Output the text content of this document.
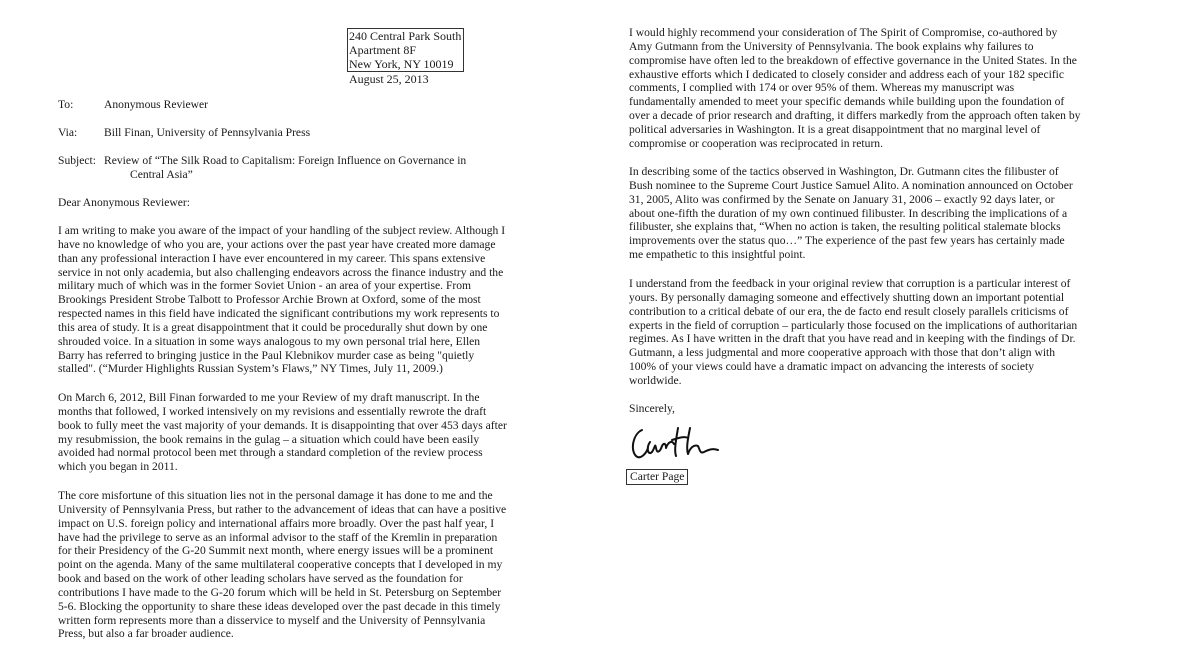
240 Central Park South
Apartment 8F
New York, NY 10019
August 25, 2013
To:	Anonymous Reviewer
Via: Bill Finan, University of Pennsylvania Press
Subject: Review of “The Silk Road to Capitalism: Foreign Influence on Governance in
Central Asia”
Dear Anonymous Reviewer:
I am writing to make you aware of the impact of your handling of the subject review. Although I
have no knowledge of who you are, your actions over the past year have created more damage
than any professional interaction I have ever encountered in my career. This spans extensive
service in not only academia, but also challenging endeavors across the finance industry and the
military much of which was in the former Soviet Union - an area of your expertise. From
Brookings President Strobe Talbott to Professor Archie Brown at Oxford, some of the most
respected names in this field have indicated the significant contributions my work represents to
this area of study. It is a great disappointment that it could be procedurally shut down by one
shrouded voice. In a situation in some ways analogous to my own personal trial here, Ellen
Barry has referred to bringing justice in the Paul Klebnikov murder case as being "quietly
stalled". (“Murder Highlights Russian System’s Flaws,” NY Times, July 11, 2009.)
On March 6, 2012, Bill Finan forwarded to me your Review of my draft manuscript. In the
months that followed, I worked intensively on my revisions and essentially rewrote the draft
book to fully meet the vast majority of your demands. It is disappointing that over 453 days after
my resubmission, the book remains in the gulag – a situation which could have been easily
avoided had normal protocol been met through a standard completion of the review process
which you began in 2011.
The core misfortune of this situation lies not in the personal damage it has done to me and the
University of Pennsylvania Press, but rather to the advancement of ideas that can have a positive
impact on U.S. foreign policy and international affairs more broadly. Over the past half year, I
have had the privilege to serve as an informal advisor to the staff of the Kremlin in preparation
for their Presidency of the G-20 Summit next month, where energy issues will be a prominent
point on the agenda. Many of the same multilateral cooperative concepts that I developed in my
book and based on the work of other leading scholars have served as the foundation for
contributions I have made to the G-20 forum which will be held in St. Petersburg on September
5-6. Blocking the opportunity to share these ideas developed over the past decade in this timely
written form represents more than a disservice to myself and the University of Pennsylvania
Press, but also a far broader audience.
I would highly recommend your consideration of The Spirit of Compromise, co-authored by
Amy Gutmann from the University of Pennsylvania. The book explains why failures to
compromise have often led to the breakdown of effective governance in the United States. In the
exhaustive efforts which I dedicated to closely consider and address each of your 182 specific
comments, I complied with 174 or over 95% of them. Whereas my manuscript was
fundamentally amended to meet your specific demands while building upon the foundation of
over a decade of prior research and drafting, it differs markedly from the approach often taken by
political adversaries in Washington. It is a great disappointment that no marginal level of
compromise or cooperation was reciprocated in return.
In describing some of the tactics observed in Washington, Dr. Gutmann cites the filibuster of
Bush nominee to the Supreme Court Justice Samuel Alito. A nomination announced on October
31, 2005, Alito was confirmed by the Senate on January 31, 2006 – exactly 92 days later, or
about one-fifth the duration of my own continued filibuster. In describing the implications of a
filibuster, she explains that, “When no action is taken, the resulting political stalemate blocks
improvements over the status quo…” The experience of the past few years has certainly made
me empathetic to this insightful point.
I understand from the feedback in your original review that corruption is a particular interest of
yours. By personally damaging someone and effectively shutting down an important potential
contribution to a critical debate of our era, the de facto end result closely parallels criticisms of
experts in the field of corruption – particularly those focused on the implications of authoritarian
regimes. As I have written in the draft that you have read and in keeping with the findings of Dr.
Gutmann, a less judgmental and more cooperative approach with those that don’t align with
100% of your views could have a dramatic impact on advancing the interests of society
worldwide.
Sincerely,
Carter Page
